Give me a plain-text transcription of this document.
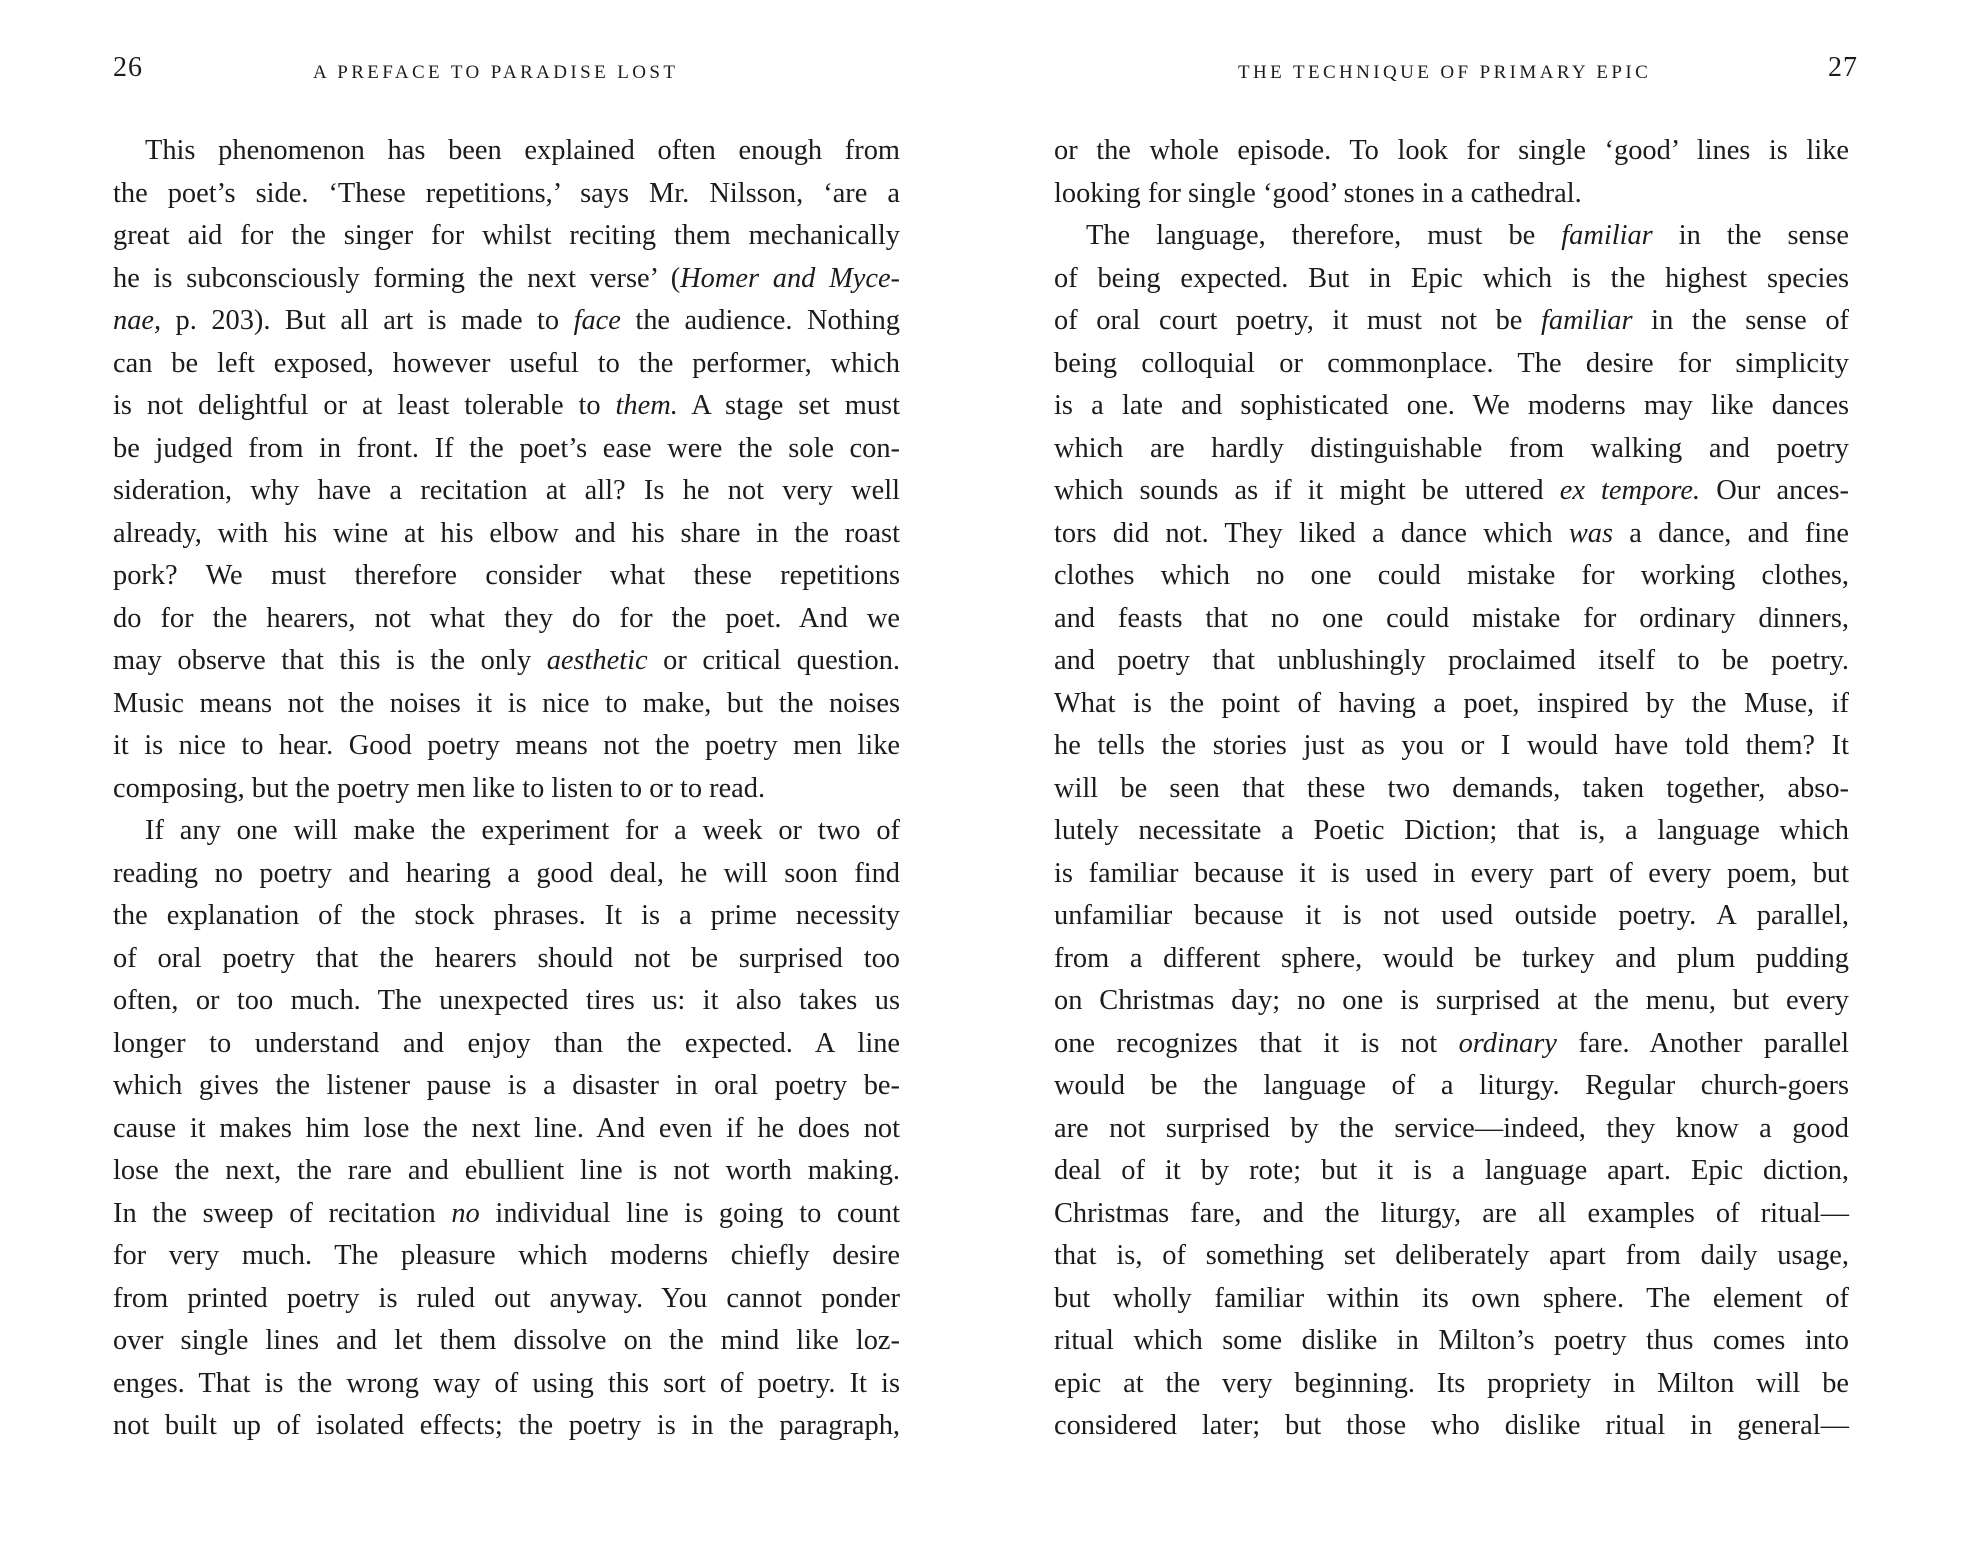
26	A PREFACE TO PARADISE LOST
This phenomenon has been explained often enough from
the poet’s side. ‘These repetitions,’ says Mr. Nilsson, ‘are a
great aid for the singer for whilst reciting them mechanically
he is subconsciously forming the next verse’ (Homer and Myce-
nae, p. 203). But all art is made to face the audience. Nothing
can be left exposed, however useful to the performer, which
is not delightful or at least tolerable to them. A stage set must
be judged from in front. If the poet’s ease were the sole con-
sideration, why have a recitation at all? Is he not very well
already, with his wine at his elbow and his share in the roast
pork? We must therefore consider what these repetitions
do for the hearers, not what they do for the poet. And we
may observe that this is the only aesthetic or critical question.
Music means not the noises it is nice to make, but the noises
it is nice to hear. Good poetry means not the poetry men like
composing, but the poetry men like to listen to or to read.
If any one will make the experiment for a week or two of
reading no poetry and hearing a good deal, he will soon find
the explanation of the stock phrases. It is a prime necessity
of oral poetry that the hearers should not be surprised too
often, or too much. The unexpected tires us: it also takes us
longer to understand and enjoy than the expected. A line
which gives the listener pause is a disaster in oral poetry be-
cause it makes him lose the next line. And even if he does not
lose the next, the rare and ebullient line is not worth making.
In the sweep of recitation no individual line is going to count
for very much. The pleasure which moderns chiefly desire
from printed poetry is ruled out anyway. You cannot ponder
over single lines and let them dissolve on the mind like loz-
enges. That is the wrong way of using this sort of poetry. It is
not built up of isolated effects; the poetry is in the paragraph,
THE TECHNIQUE OF PRIMARY EPIC	27
or the whole episode. To look for single ‘good’ lines is like
looking for single ‘good’ stones in a cathedral.
The language, therefore, must be familiar in the sense
of being expected. But in Epic which is the highest species
of oral court poetry, it must not be familiar in the sense of
being colloquial or commonplace. The desire for simplicity
is a late and sophisticated one. We moderns may like dances
which are hardly distinguishable from walking and poetry
which sounds as if it might be uttered ex tempore. Our ances-
tors did not. They liked a dance which was a dance, and fine
clothes which no one could mistake for working clothes,
and feasts that no one could mistake for ordinary dinners,
and poetry that unblushingly proclaimed itself to be poetry.
What is the point of having a poet, inspired by the Muse, if
he tells the stories just as you or I would have told them? It
will be seen that these two demands, taken together, abso-
lutely necessitate a Poetic Diction; that is, a language which
is familiar because it is used in every part of every poem, but
unfamiliar because it is not used outside poetry. A parallel,
from a different sphere, would be turkey and plum pudding
on Christmas day; no one is surprised at the menu, but every
one recognizes that it is not ordinary fare. Another parallel
would be the language of a liturgy. Regular church-goers
are not surprised by the service—indeed, they know a good
deal of it by rote; but it is a language apart. Epic diction,
Christmas fare, and the liturgy, are all examples of ritual—
that is, of something set deliberately apart from daily usage,
but wholly familiar within its own sphere. The element of
ritual which some dislike in Milton’s poetry thus comes into
epic at the very beginning. Its propriety in Milton will be
considered later; but those who dislike ritual in general—
